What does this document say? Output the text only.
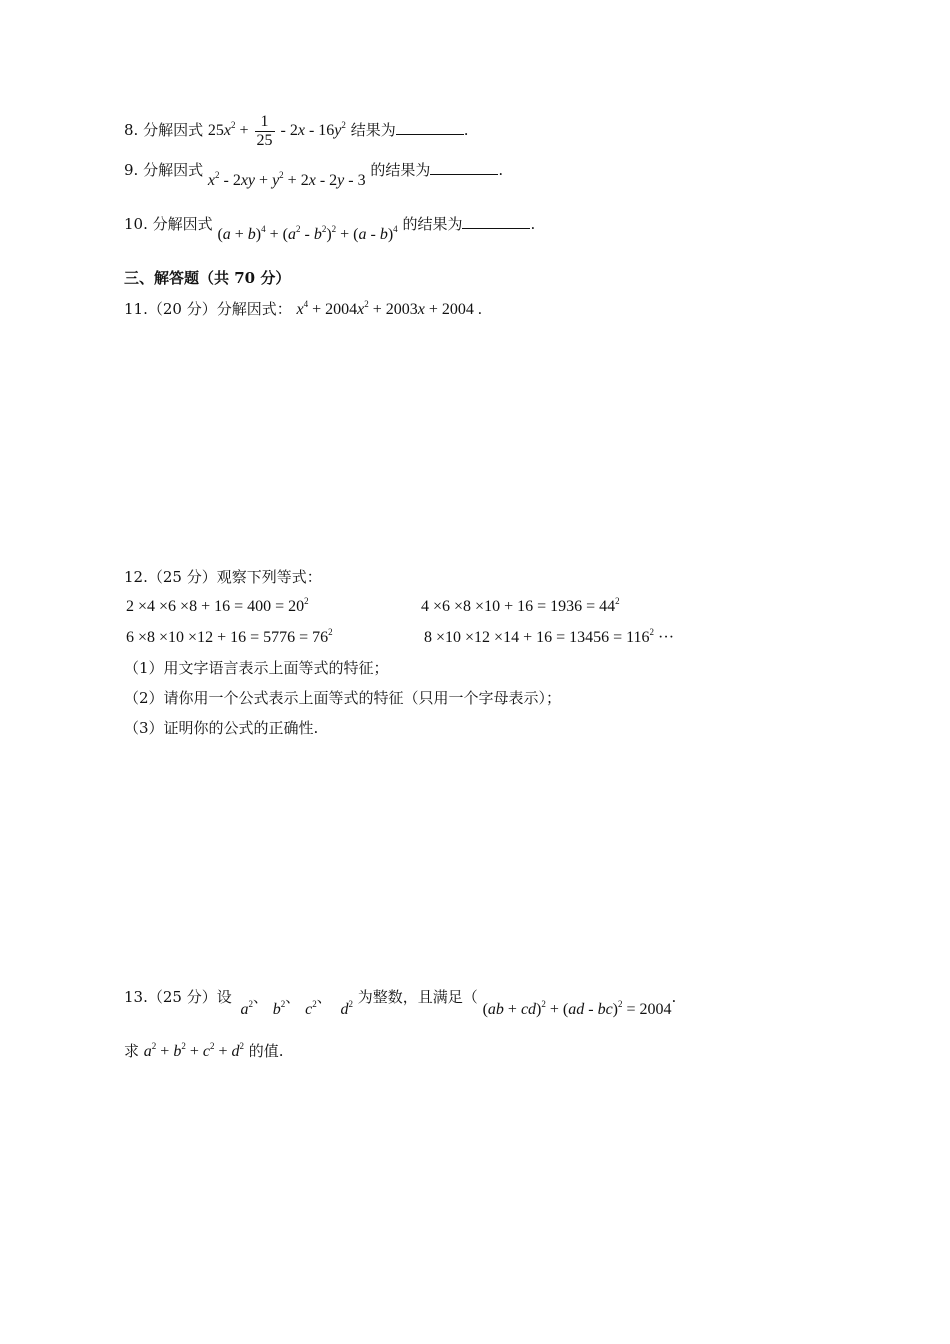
8. 分解因式 $25x^2 + \frac{1}{25} - 2x - 16y^2$ 结果为	.
9. 分解因式 $x^2 - 2xy + y^2 + 2x - 2y - 3$ 的结果为	.
10. 分解因式 $(a + b)^4 + (a^2 - b^2)^2 + (a - b)^4$ 的结果为	.
三、解答题（共 70 分）
11.（20 分）分解因式： $x^4 + 2004x^2 + 2003x + 2004$ .
12.（25 分）观察下列等式：
$2 \times 4 \times 6 \times 8 + 16 = 400 = 20^2$	$4 \times 6 \times 8 \times 10 + 16 = 1936 = 44^2$
$6 \times 8 \times 10 \times 12 + 16 = 5776 = 76^2$	$8 \times 10 \times 12 \times 14 + 16 = 13456 = 116^2$ ···
（1）用文字语言表示上面等式的特征；
（2）请你用一个公式表示上面等式的特征（只用一个字母表示）；
（3）证明你的公式的正确性.
13.（25 分）设 $a^2$、 $b^2$、 $c^2$、 $d^2$ 为整数，且满足（ (ab + cd)$^2$ + (ad - bc)$^2$ = 2004.
求 $a^2 + b^2 + c^2 + d^2$ 的值.
